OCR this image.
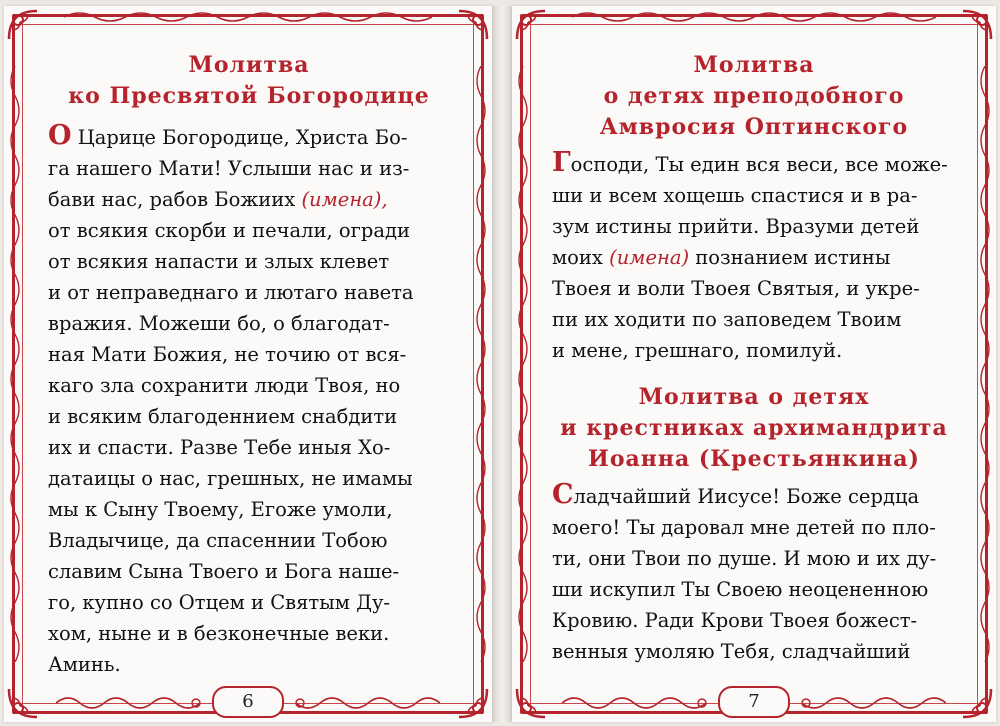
Молитва
ко Пресвятой Богородице
О Царице Богородице, Христа Бо-
га нашего Мати! Услыши нас и из-
бави нас, рабов Божиих (имена),
от всякия скорби и печали, огради
от всякия напасти и злых клевет
и от неправеднаго и лютаго навета
вражия. Можеши бо, о благодат-
ная Мати Божия, не точию от вся-
каго зла сохранити люди Твоя, но
и всяким благоденнием снабдити
их и спасти. Разве Тебе иныя Хо-
датаицы о нас, грешных, не имамы
мы к Сыну Твоему, Егоже умоли,
Владычице, да спасеннии Тобою
славим Сына Твоего и Бога наше-
го, купно со Отцем и Святым Ду-
хом, ныне и в безконечные веки.
Аминь.
6
Молитва
о детях преподобного
Амвросия Оптинского
Господи, Ты един вся веси, все може-
ши и всем хощешь спастися и в ра-
зум истины прийти. Вразуми детей
моих (имена) познанием истины
Твоея и воли Твоея Святыя, и укре-
пи их ходити по заповедем Твоим
и мене, грешнаго, помилуй.
Молитва о детях
и крестниках архимандрита
Иоанна (Крестьянкина)
Сладчайший Иисусе! Боже сердца
моего! Ты даровал мне детей по пло-
ти, они Твои по душе. И мою и их ду-
ши искупил Ты Своею неоцененною
Кровию. Ради Крови Твоея божест-
венныя умоляю Тебя, сладчайший
7
